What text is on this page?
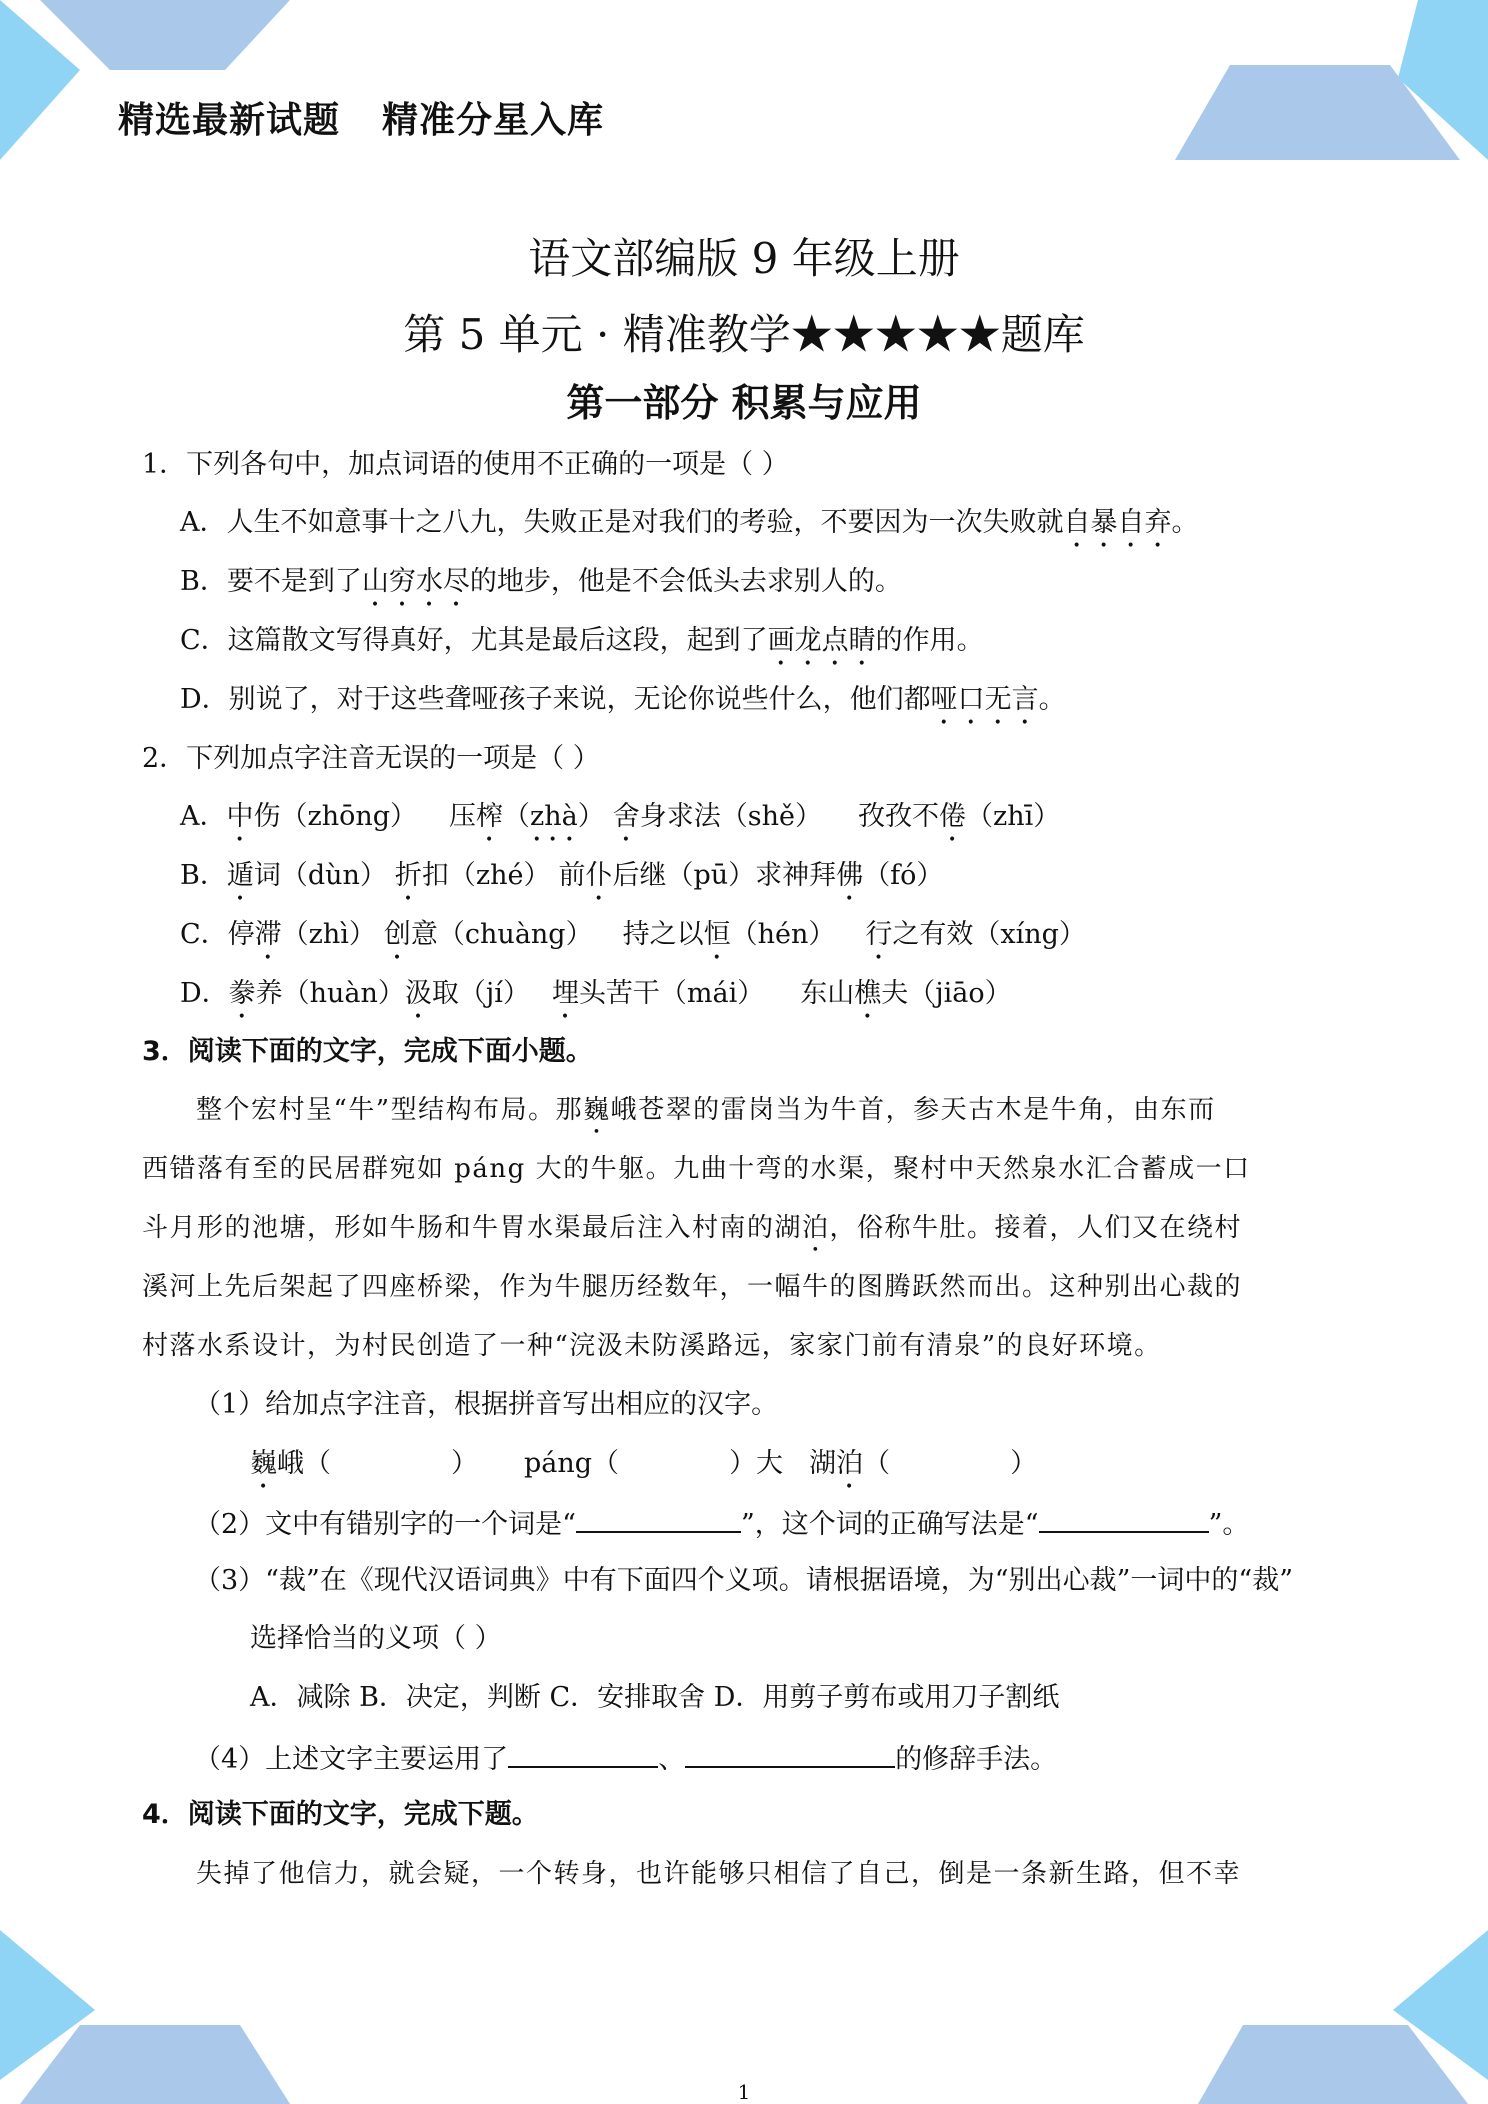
精选最新试题 精准分星入库
语文部编版 9 年级上册
第 5 单元 · 精准教学★★★★★题库
第一部分 积累与应用
1．下列各句中，加点词语的使用不正确的一项是（ ）
A．人生不如意事十之八九，失败正是对我们的考验，不要因为一次失败就自暴自弃。
B．要不是到了山穷水尽的地步，他是不会低头去求别人的。
C．这篇散文写得真好，尤其是最后这段，起到了画龙点睛的作用。
D．别说了，对于这些聋哑孩子来说，无论你说些什么，他们都哑口无言。
2．下列加点字注音无误的一项是（ ）
A．中伤（zhōng） 压榨（zhà） 舍身求法（shě） 孜孜不倦（zhī）
B．遁词（dùn） 折扣（zhé） 前仆后继（pū）求神拜佛（fó）
C．停滞（zhì） 创意（chuàng） 持之以恒（hén） 行之有效（xíng）
D．豢养（huàn）汲取（jí） 埋头苦干（mái） 东山樵夫（jiāo）
3．阅读下面的文字，完成下面小题。
整个宏村呈“牛”型结构布局。那巍峨苍翠的雷岗当为牛首，参天古木是牛角，由东而
西错落有至的民居群宛如 páng 大的牛躯。九曲十弯的水渠，聚村中天然泉水汇合蓄成一口
斗月形的池塘，形如牛肠和牛胃水渠最后注入村南的湖泊，俗称牛肚。接着，人们又在绕村
溪河上先后架起了四座桥梁，作为牛腿历经数年，一幅牛的图腾跃然而出。这种别出心裁的
村落水系设计，为村民创造了一种“浣汲未防溪路远，家家门前有清泉”的良好环境。
（1）给加点字注音，根据拼音写出相应的汉字。
巍峨（	） páng（	）大 湖泊（	）
（2）文中有错别字的一个词是“	”，这个词的正确写法是“	”。
（3）“裁”在《现代汉语词典》中有下面四个义项。请根据语境，为“别出心裁”一词中的“裁”
选择恰当的义项（ ）
A．减除 B．决定，判断 C．安排取舍 D．用剪子剪布或用刀子割纸
（4）上述文字主要运用了	、	的修辞手法。
4．阅读下面的文字，完成下题。
失掉了他信力，就会疑，一个转身，也许能够只相信了自己，倒是一条新生路，但不幸
1
